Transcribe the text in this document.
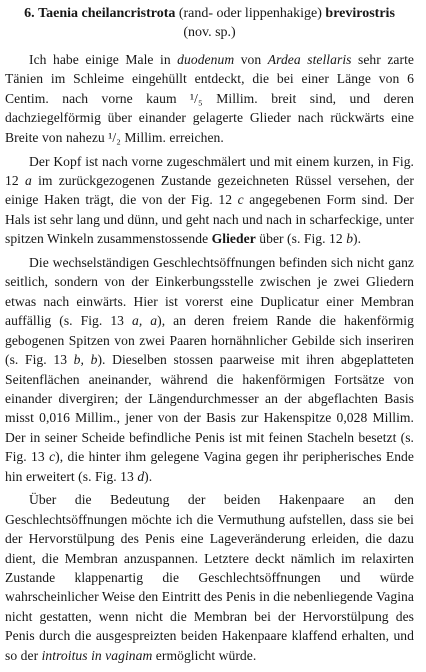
6. Taenia cheilancristrota (rand- oder lippenhakige) brevirostris
(nov. sp.)

Ich habe einige Male in duodenum von Ardea stellaris sehr zarte Tänien im Schleime eingehüllt entdeckt, die bei einer Länge von 6 Centim. nach vorne kaum ¹/₅ Millim. breit sind, und deren dachziegelförmig über einander gelagerte Glieder nach rückwärts eine Breite von nahezu ¹/₂ Millim. erreichen.

Der Kopf ist nach vorne zugeschmälert und mit einem kurzen, in Fig. 12 a im zurückgezogenen Zustande gezeichneten Rüssel versehen, der einige Haken trägt, die von der Fig. 12 c angegebenen Form sind. Der Hals ist sehr lang und dünn, und geht nach und nach in scharfeckige, unter spitzen Winkeln zusammenstossende Glieder über (s. Fig. 12 b).

Die wechselständigen Geschlechtsöffnungen befinden sich nicht ganz seitlich, sondern von der Einkerbungsstelle zwischen je zwei Gliedern etwas nach einwärts. Hier ist vorerst eine Duplicatur einer Membran auffällig (s. Fig. 13 a, a), an deren freiem Rande die hakenförmig gebogenen Spitzen von zwei Paaren hornähnlicher Gebilde sich inseriren (s. Fig. 13 b, b). Dieselben stossen paarweise mit ihren abgeplatteten Seitenflächen aneinander, während die hakenförmigen Fortsätze von einander divergiren; der Längendurchmesser an der abgeflachten Basis misst 0,016 Millim., jener von der Basis zur Hakenspitze 0,028 Millim. Der in seiner Scheide befindliche Penis ist mit feinen Stacheln besetzt (s. Fig. 13 c), die hinter ihm gelegene Vagina gegen ihr peripherisches Ende hin erweitert (s. Fig. 13 d).

Über die Bedeutung der beiden Hakenpaare an den Geschlechtsöffnungen möchte ich die Vermuthung aufstellen, dass sie bei der Hervorstülpung des Penis eine Lageveränderung erleiden, die dazu dient, die Membran anzuspannen. Letztere deckt nämlich im relaxirten Zustande klappenartig die Geschlechtsöffnungen und würde wahrscheinlicher Weise den Eintritt des Penis in die nebenliegende Vagina nicht gestatten, wenn nicht die Membran bei der Hervorstülpung des Penis durch die ausgespreizten beiden Hakenpaare klaffend erhalten, und so der introitus in vaginam ermöglicht würde.
